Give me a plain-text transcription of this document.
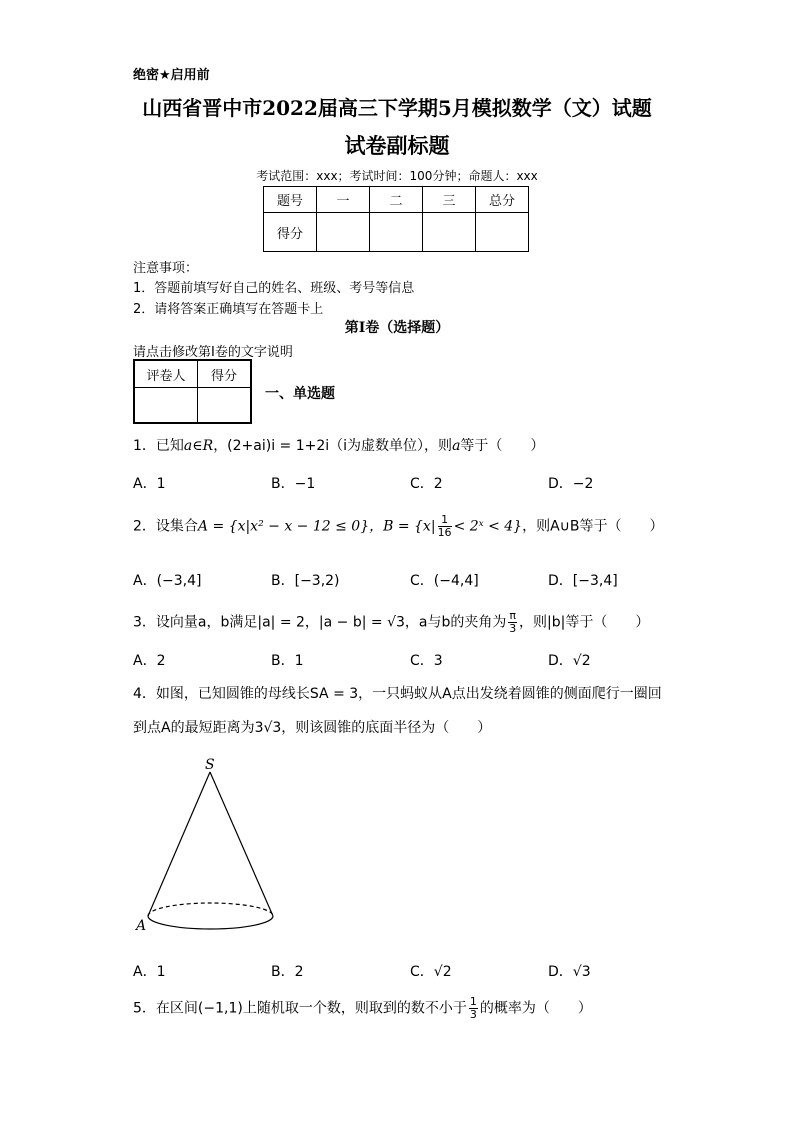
绝密★启用前
山西省晋中市2022届高三下学期5月模拟数学（文）试题
试卷副标题
考试范围：xxx；考试时间：100分钟；命题人：xxx
题号	一	二	三	总分
得分				
注意事项：
1．答题前填写好自己的姓名、班级、考号等信息
2．请将答案正确填写在答题卡上
第I卷（选择题）
请点击修改第I卷的文字说明
评卷人	得分

一、单选题
1．已知a∈R，(2+ai)i = 1+2i（i为虚数单位），则a等于（　　）
A．1	B．−1	C．2	D．−2
2．设集合A = {x|x² − x − 12 ≤ 0}，$B = \{x| \frac{1}{16}$ < 2ˣ < 4}，则A∪B等于（　　）
A．(−3,4]	B．[−3,2)	C．(−4,4]	D．[−3,4]
3．设向量a，b满足|a| = 2，|a − b| = √3，a与b的夹角为 $\frac{\pi}{3}$ ，则|b|等于（　　）
A．2	B．1	C．3	D．√2
4．如图，已知圆锥的母线长SA = 3，一只蚂蚁从A点出发绕着圆锥的侧面爬行一圈回
到点A的最短距离为3√3，则该圆锥的底面半径为（　　）
S
A
A．1	B．2	C．√2	D．√3
5．在区间(−1,1)上随机取一个数，则取到的数不小于 $\frac{1}{3}$ 的概率为（　　）
